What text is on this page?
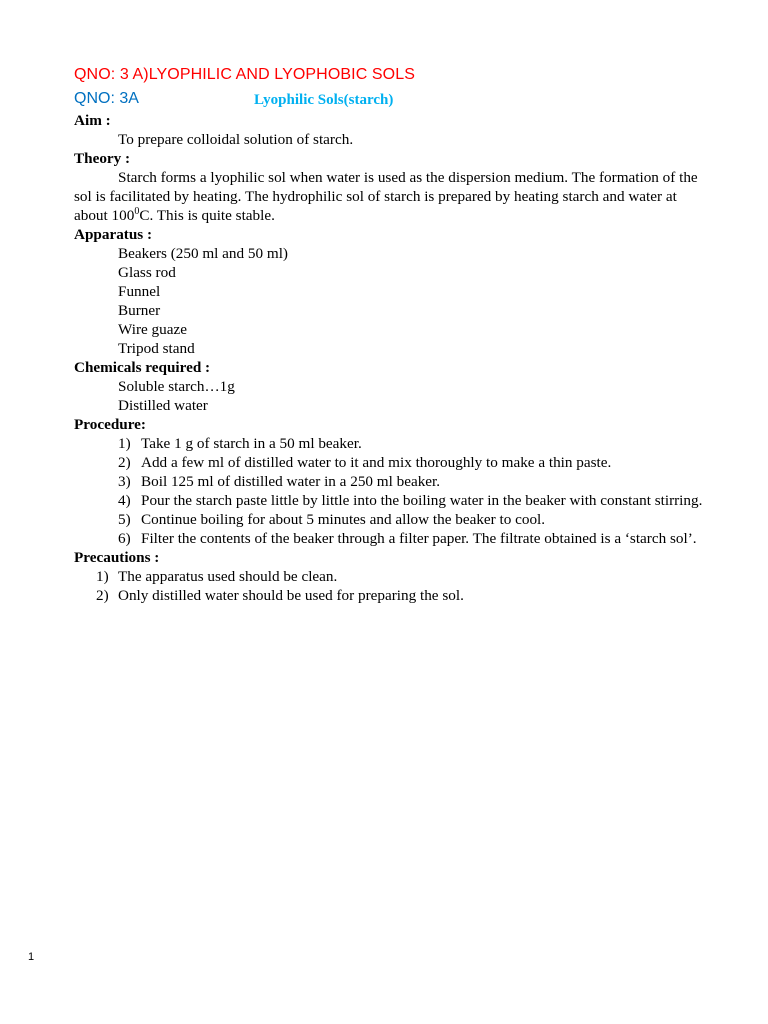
QNO: 3 A)LYOPHILIC AND LYOPHOBIC SOLS
QNO: 3A	Lyophilic Sols(starch)
Aim :
To prepare colloidal solution of starch.
Theory :
Starch forms a lyophilic sol when water is used as the dispersion medium. The formation of the sol is facilitated by heating. The hydrophilic sol of starch is prepared by heating starch and water at about $100^0C$. This is quite stable.
Apparatus :
Beakers (250 ml and 50 ml)
Glass rod
Funnel
Burner
Wire guaze
Tripod stand
Chemicals required :
Soluble starch…1g
Distilled water
Procedure:
1) Take 1 g of starch in a 50 ml beaker.
2) Add a few ml of distilled water to it and mix thoroughly to make a thin paste.
3) Boil 125 ml of distilled water in a 250 ml beaker.
4) Pour the starch paste little by little into the boiling water in the beaker with constant stirring.
5) Continue boiling for about 5 minutes and allow the beaker to cool.
6) Filter the contents of the beaker through a filter paper. The filtrate obtained is a ‘starch sol’.
Precautions :
1) The apparatus used should be clean.
2) Only distilled water should be used for preparing the sol.
1
